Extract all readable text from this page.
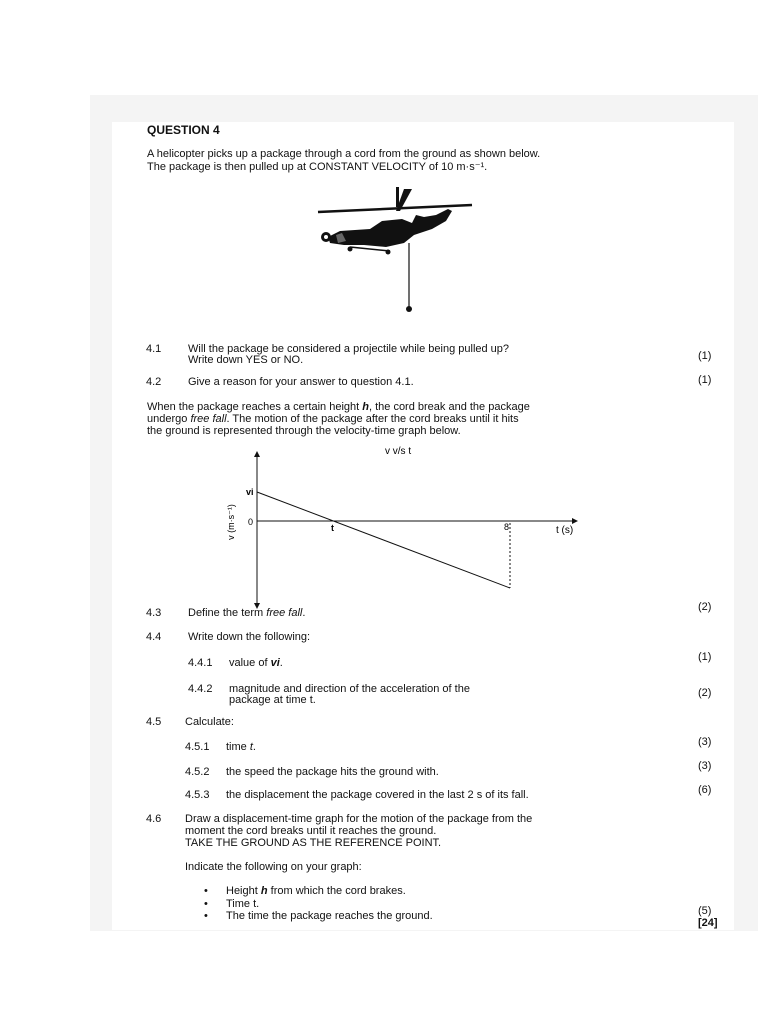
QUESTION 4
A helicopter picks up a package through a cord from the ground as shown below.
The package is then pulled up at CONSTANT VELOCITY of 10 m·s⁻¹.
4.1 Will the package be considered a projectile while being pulled up?
Write down YES or NO.	(1)
4.2 Give a reason for your answer to question 4.1.	(1)
When the package reaches a certain height h, the cord break and the package
undergo free fall. The motion of the package after the cord breaks until it hits
the ground is represented through the velocity-time graph below.
v v/s t
v (m·s⁻¹)	t (s)
vi
0
t	8
4.3 Define the term free fall.	(2)
4.4 Write down the following:
4.4.1 value of vi.	(1)
4.4.2 magnitude and direction of the acceleration of the
package at time t.
(2)
4.5 Calculate:
4.5.1 time t.	(3)
4.5.2 the speed the package hits the ground with.	(3)
4.5.3 the displacement the package covered in the last 2 s of its fall.	(6)
4.6 Draw a displacement-time graph for the motion of the package from the
moment the cord breaks until it reaches the ground.
TAKE THE GROUND AS THE REFERENCE POINT.
Indicate the following on your graph:
• Height h from which the cord brakes.
• Time t.
• The time the package reaches the ground.	(5)
[24]
